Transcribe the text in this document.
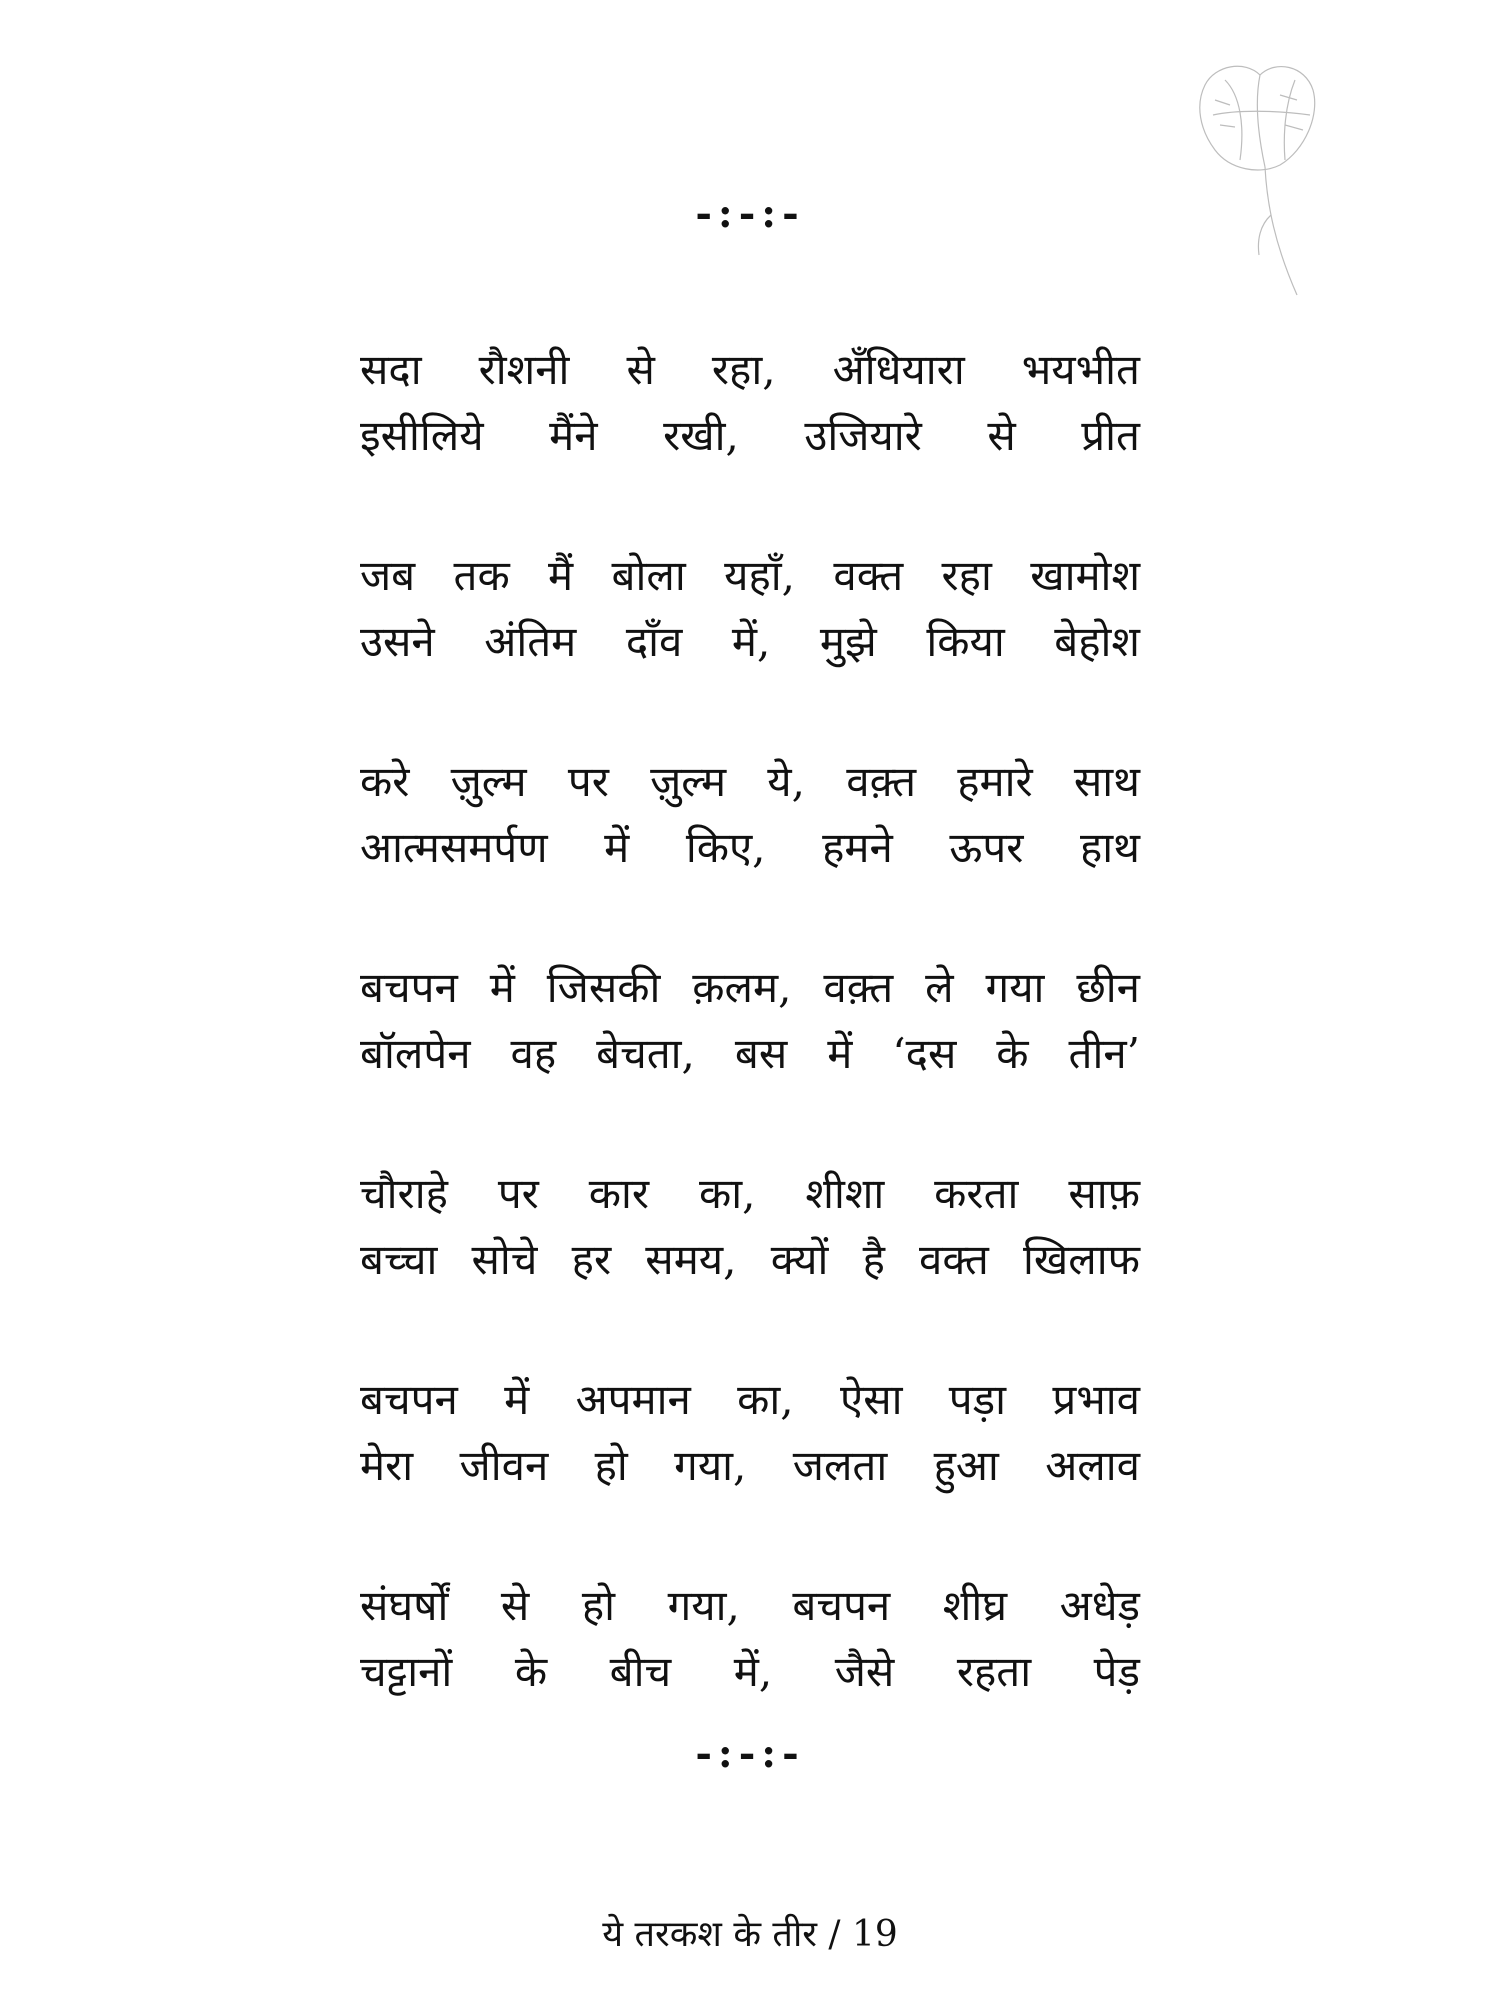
-:-:-
सदा रौशनी से रहा, अँधियारा भयभीत
इसीलिये मैंने रखी, उजियारे से प्रीत
जब तक मैं बोला यहाँ, वक्त रहा खामोश
उसने अंतिम दाँव में, मुझे किया बेहोश
करे ज़ुल्म पर ज़ुल्म ये, वक़्त हमारे साथ
आत्मसमर्पण में किए, हमने ऊपर हाथ
बचपन में जिसकी क़लम, वक़्त ले गया छीन
बॉलपेन वह बेचता, बस में ‘दस के तीन’
चौराहे पर कार का, शीशा करता साफ़
बच्चा सोचे हर समय, क्यों है वक्त खिलाफ
बचपन में अपमान का, ऐसा पड़ा प्रभाव
मेरा जीवन हो गया, जलता हुआ अलाव
संघर्षों से हो गया, बचपन शीघ्र अधेड़
चट्टानों के बीच में, जैसे रहता पेड़
-:-:-
ये तरकश के तीर / 19
